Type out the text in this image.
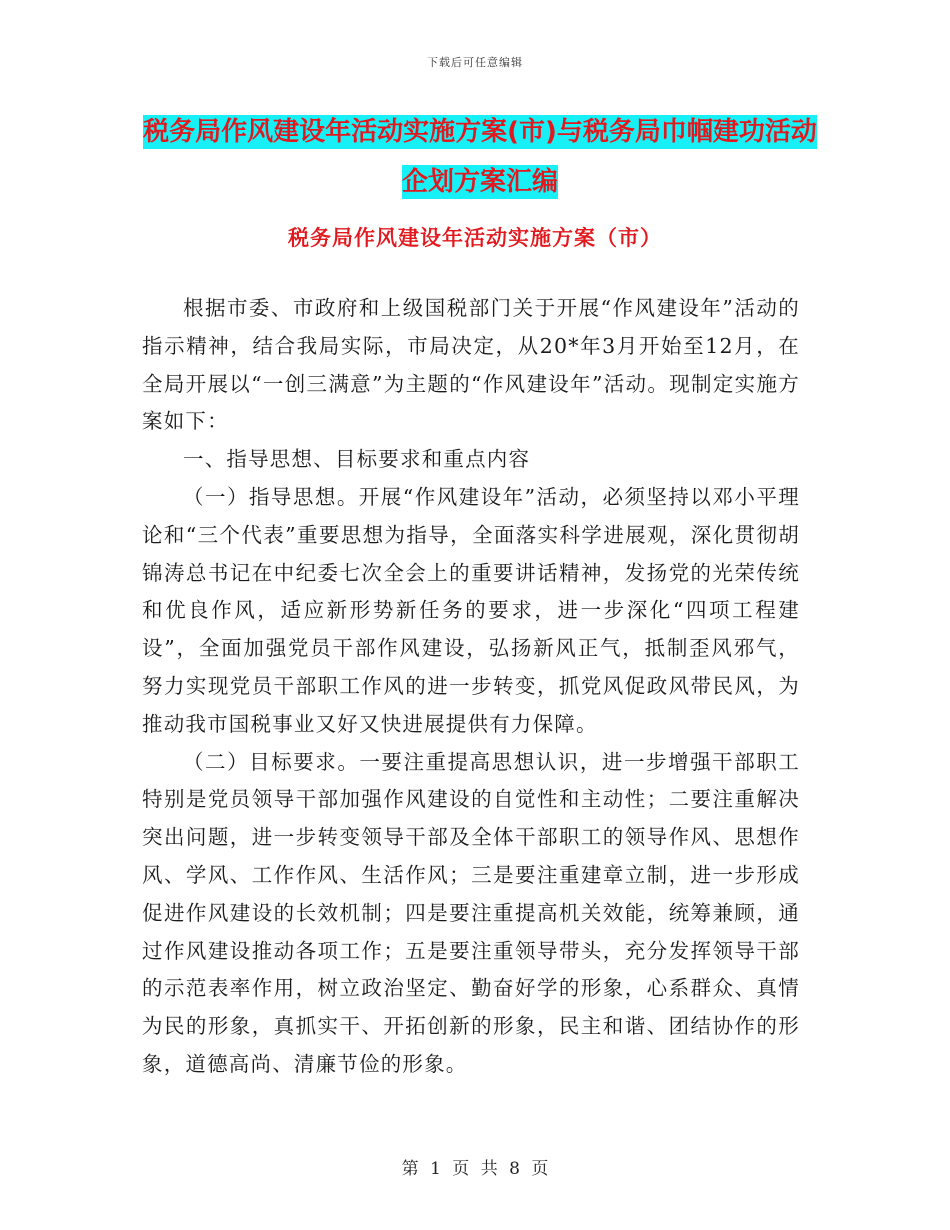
下载后可任意编辑
税务局作风建设年活动实施方案(市)与税务局巾帼建功活动企划方案汇编
税务局作风建设年活动实施方案（市）

根据市委、市政府和上级国税部门关于开展“作风建设年”活动的指示精神，结合我局实际，市局决定，从20*年3月开始至12月，在全局开展以“一创三满意”为主题的“作风建设年”活动。现制定实施方案如下：

一、指导思想、目标要求和重点内容

（一）指导思想。开展“作风建设年”活动，必须坚持以邓小平理论和“三个代表”重要思想为指导，全面落实科学进展观，深化贯彻胡锦涛总书记在中纪委七次全会上的重要讲话精神，发扬党的光荣传统和优良作风，适应新形势新任务的要求，进一步深化“四项工程建设”，全面加强党员干部作风建设，弘扬新风正气，抵制歪风邪气，努力实现党员干部职工作风的进一步转变，抓党风促政风带民风，为推动我市国税事业又好又快进展提供有力保障。

（二）目标要求。一要注重提高思想认识，进一步增强干部职工特别是党员领导干部加强作风建设的自觉性和主动性；二要注重解决突出问题，进一步转变领导干部及全体干部职工的领导作风、思想作风、学风、工作作风、生活作风；三是要注重建章立制，进一步形成促进作风建设的长效机制；四是要注重提高机关效能，统筹兼顾，通过作风建设推动各项工作；五是要注重领导带头，充分发挥领导干部的示范表率作用，树立政治坚定、勤奋好学的形象，心系群众、真情为民的形象，真抓实干、开拓创新的形象，民主和谐、团结协作的形象，道德高尚、清廉节俭的形象。

第 1 页 共 8 页
